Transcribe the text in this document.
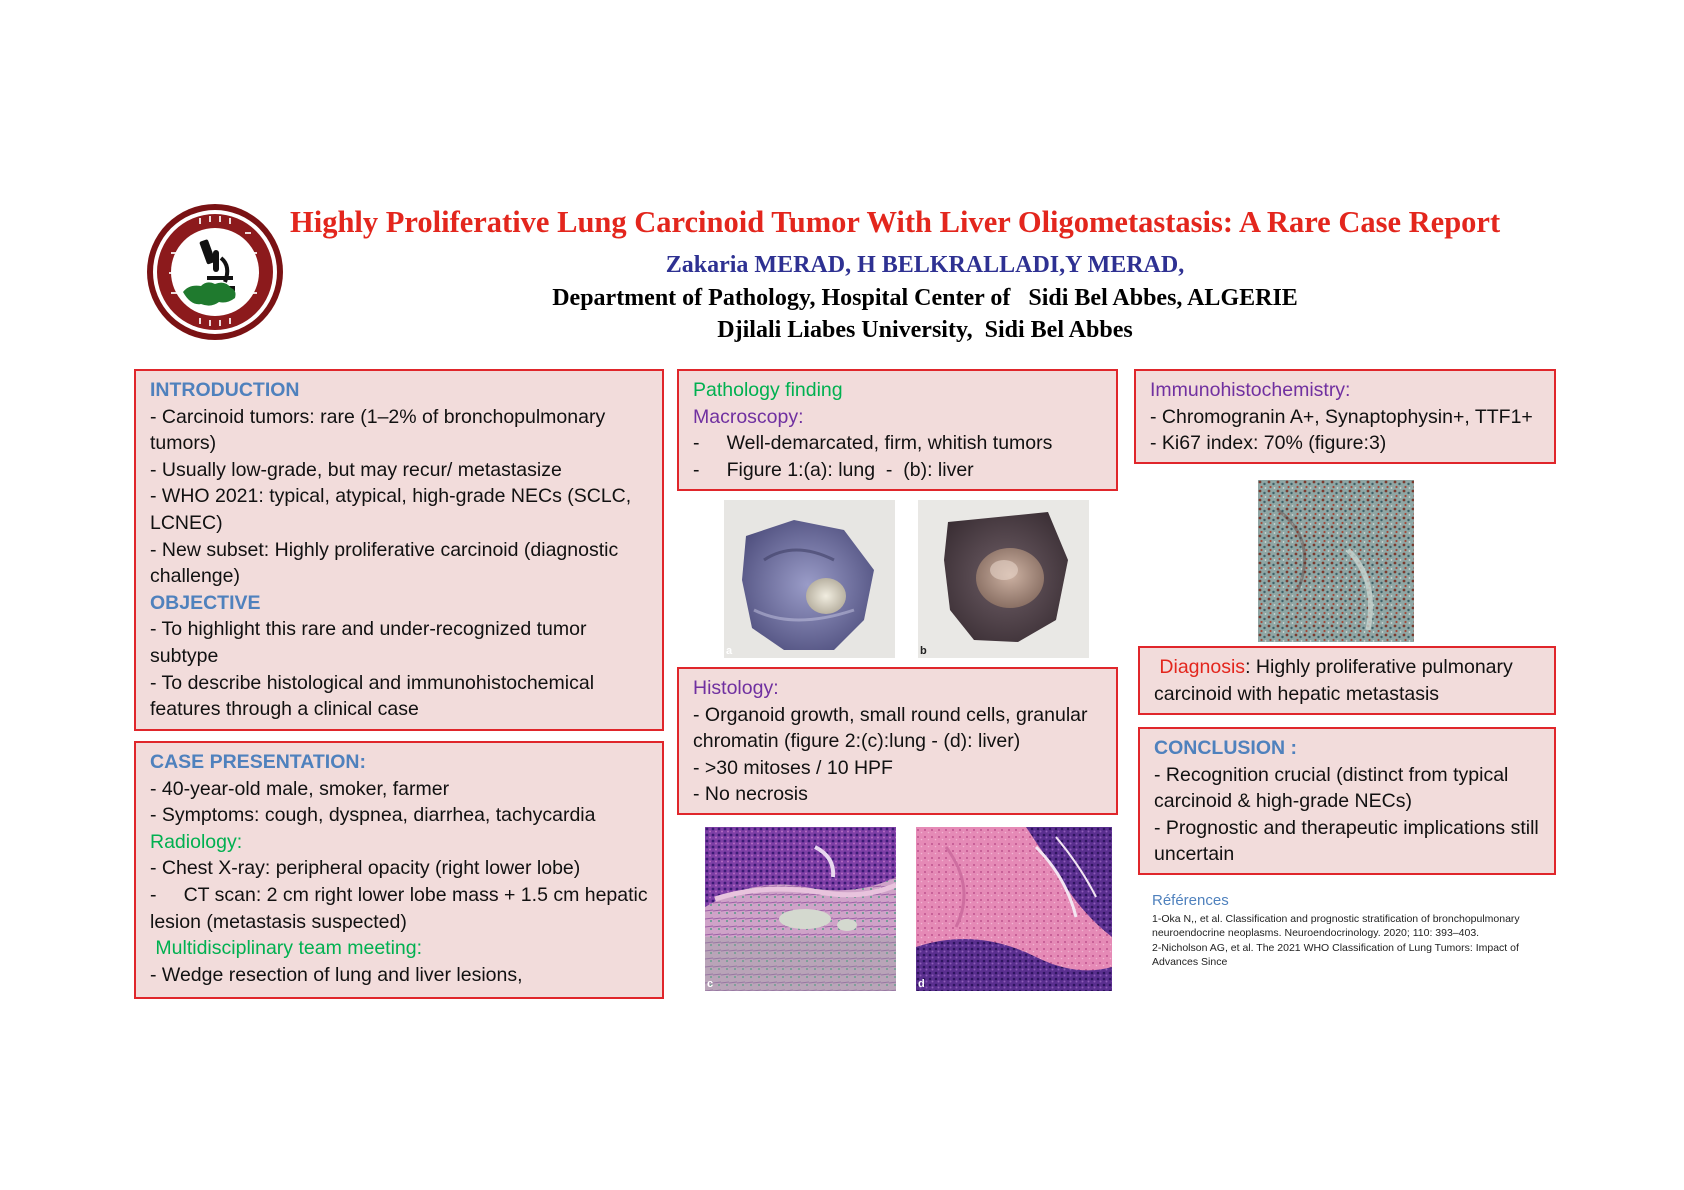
Highly Proliferative Lung Carcinoid Tumor With Liver Oligometastasis: A Rare Case Report
Zakaria MERAD, H BELKRALLADI,Y MERAD,
Department of Pathology, Hospital Center of   Sidi Bel Abbes, ALGERIE
Djilali Liabes University,  Sidi Bel Abbes

INTRODUCTION

- Carcinoid tumors: rare (1–2% of bronchopulmonary tumors)

- Usually low-grade, but may recur/ metastasize

- WHO 2021: typical, atypical, high-grade NECs (SCLC, LCNEC)

- New subset: Highly proliferative carcinoid (diagnostic challenge)

OBJECTIVE

- To highlight this rare and under-recognized tumor subtype

- To describe histological and immunohistochemical features through a clinical case

CASE PRESENTATION:

- 40-year-old male, smoker, farmer

- Symptoms: cough, dyspnea, diarrhea, tachycardia

Radiology:

- Chest X-ray: peripheral opacity (right lower lobe)

-     CT scan: 2 cm right lower lobe mass + 1.5 cm hepatic lesion (metastasis suspected)

Multidisciplinary team meeting:

- Wedge resection of lung and liver lesions,

Pathology finding

Macroscopy:

-     Well-demarcated, firm, whitish tumors

-     Figure 1:(a): lung  -  (b): liver

a	b

Histology:

- Organoid growth, small round cells, granular chromatin (figure 2:(c):lung - (d): liver)

- >30 mitoses / 10 HPF

- No necrosis

c	d

Immunohistochemistry:

- Chromogranin A+, Synaptophysin+, TTF1+

- Ki67 index: 70% (figure:3)

Diagnosis: Highly proliferative pulmonary carcinoid with hepatic metastasis

CONCLUSION :

- Recognition crucial (distinct from typical carcinoid & high-grade NECs)

- Prognostic and therapeutic implications still uncertain

Références

1-Oka N,, et al. Classification and prognostic stratification of bronchopulmonary neuroendocrine neoplasms. Neuroendocrinology. 2020; 110: 393–403.

2-Nicholson AG, et al. The 2021 WHO Classification of Lung Tumors: Impact of Advances Since
